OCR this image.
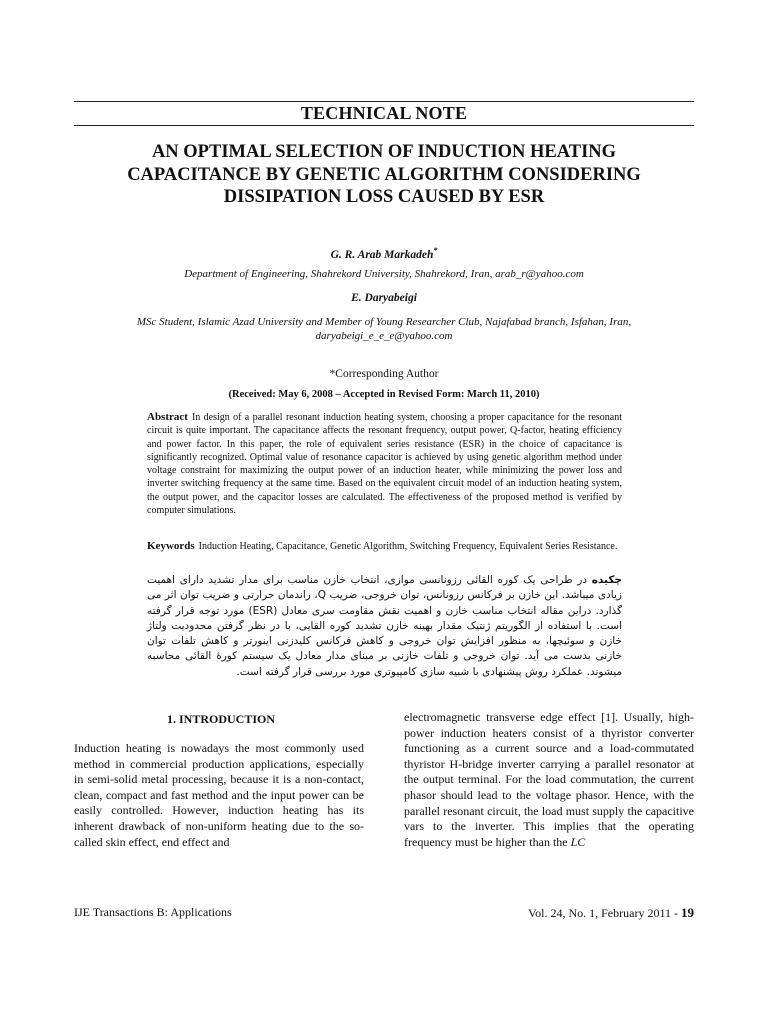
TECHNICAL NOTE
AN OPTIMAL SELECTION OF INDUCTION HEATING CAPACITANCE BY GENETIC ALGORITHM CONSIDERING DISSIPATION LOSS CAUSED BY ESR
G. R. Arab Markadeh*
Department of Engineering, Shahrekord University, Shahrekord, Iran, arab_r@yahoo.com
E. Daryabeigi
MSc Student, Islamic Azad University and Member of Young Researcher Club, Najafabad branch, Isfahan, Iran, daryabeigi_e_e_e@yahoo.com
*Corresponding Author
(Received: May 6, 2008 – Accepted in Revised Form: March 11, 2010)
Abstract In design of a parallel resonant induction heating system, choosing a proper capacitance for the resonant circuit is quite important. The capacitance affects the resonant frequency, output power, Q-factor, heating efficiency and power factor. In this paper, the role of equivalent series resistance (ESR) in the choice of capacitance is significantly recognized. Optimal value of resonance capacitor is achieved by using genetic algorithm method under voltage constraint for maximizing the output power of an induction heater, while minimizing the power loss and inverter switching frequency at the same time. Based on the equivalent circuit model of an induction heating system, the output power, and the capacitor losses are calculated. The effectiveness of the proposed method is verified by computer simulations.
Keywords Induction Heating, Capacitance, Genetic Algorithm, Switching Frequency, Equivalent Series Resistance.
چکیده در طراحی یک کوره القائی رزونانسی موازی، انتخاب خازن مناسب برای مدار تشدید دارای اهمیت زیادی میباشد. این خازن بر فرکانس رزونانس، توان خروجی، ضریب Q، راندمان حرارتی و ضریب توان اثر می گذارد. دراین مقاله انتخاب مناسب خازن و اهمیت نقش مقاومت سری معادل (ESR) مورد توجه قرار گرفته است. با استفاده از الگوریتم ژنتیک مقدار بهینه خازن تشدید کوره القایی، با در نظر گرفتن محدودیت ولتاژ خازن و سوئیچها، به منظور افزایش توان خروجی و کاهش فرکانس کلیدزنی اینورتر و کاهش تلفات توان خازنی بدست می آید. توان خروجی و تلفات خازنی بر مبنای مدار معادل یک سیستم کورهٔ القائی محاسبه میشوند. عملکرد روش پیشنهادی با شبیه سازی کامپیوتری مورد بررسی قرار گرفته است.
1. INTRODUCTION
Induction heating is nowadays the most commonly used method in commercial production applications, especially in semi-solid metal processing, because it is a non-contact, clean, compact and fast method and the input power can be easily controlled. However, induction heating has its inherent drawback of non-uniform heating due to the so-called skin effect, end effect and
electromagnetic transverse edge effect [1]. Usually, high-power induction heaters consist of a thyristor converter functioning as a current source and a load-commutated thyristor H-bridge inverter carrying a parallel resonator at the output terminal. For the load commutation, the current phasor should lead to the voltage phasor. Hence, with the parallel resonant circuit, the load must supply the capacitive vars to the inverter. This implies that the operating frequency must be higher than the LC
IJE Transactions B: Applications	Vol. 24, No. 1, February 2011 - 19
